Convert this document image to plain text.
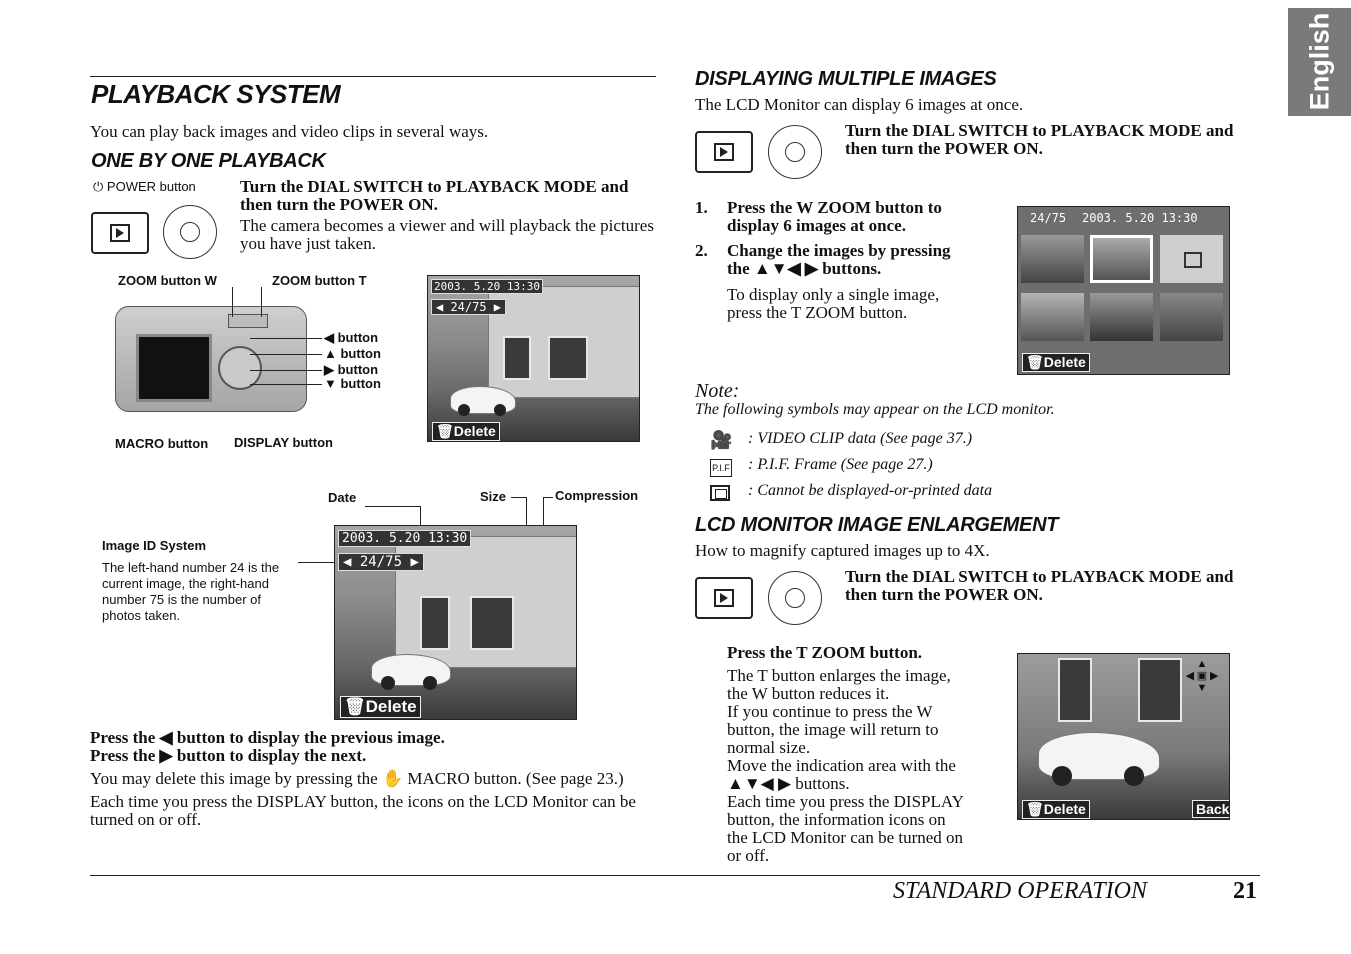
English
PLAYBACK SYSTEM
You can play back images and video clips in several ways.
ONE BY ONE PLAYBACK
⏻ POWER button	Turn the DIAL SWITCH to PLAYBACK MODE and then turn the POWER ON.
The camera becomes a viewer and will playback the pictures you have just taken.
ZOOM button W	ZOOM button T
◀ button
▲ button
▶ button
▼ button
MACRO button DISPLAY button
2003. 5.20 13:30
◀ 24/75 ▶
🗑Delete
Date	Size	Compression
Image ID System
The left-hand number 24 is the current image, the right-hand number 75 is the number of photos taken.
2003. 5.20 13:30
◀ 24/75 ▶
🗑Delete
Press the ◀ button to display the previous image.
Press the ▶ button to display the next.
You may delete this image by pressing the ✋ MACRO button. (See page 23.)
Each time you press the DISPLAY button, the icons on the LCD Monitor can be turned on or off.
DISPLAYING MULTIPLE IMAGES
The LCD Monitor can display 6 images at once.
Turn the DIAL SWITCH to PLAYBACK MODE and then turn the POWER ON.
1. Press the W ZOOM button to display 6 images at once.
2. Change the images by pressing the ▲▼◀ ▶ buttons.
To display only a single image, press the T ZOOM button.
24/75 2003. 5.20 13:30
🗑Delete
Note:
The following symbols may appear on the LCD monitor.
🎥 : VIDEO CLIP data (See page 37.)
P.I.F : P.I.F. Frame (See page 27.)
: Cannot be displayed-or-printed data
LCD MONITOR IMAGE ENLARGEMENT
How to magnify captured images up to 4X.
Turn the DIAL SWITCH to PLAYBACK MODE and then turn the POWER ON.
Press the T ZOOM button.
The T button enlarges the image,
the W button reduces it.
If you continue to press the W
button, the image will return to
normal size.
Move the indication area with the
▲▼◀ ▶ buttons.
Each time you press the DISPLAY
button, the information icons on
the LCD Monitor can be turned on
or off.
▲
◀ ▣ ▶
▼
🗑Delete	Back
STANDARD OPERATION	21
